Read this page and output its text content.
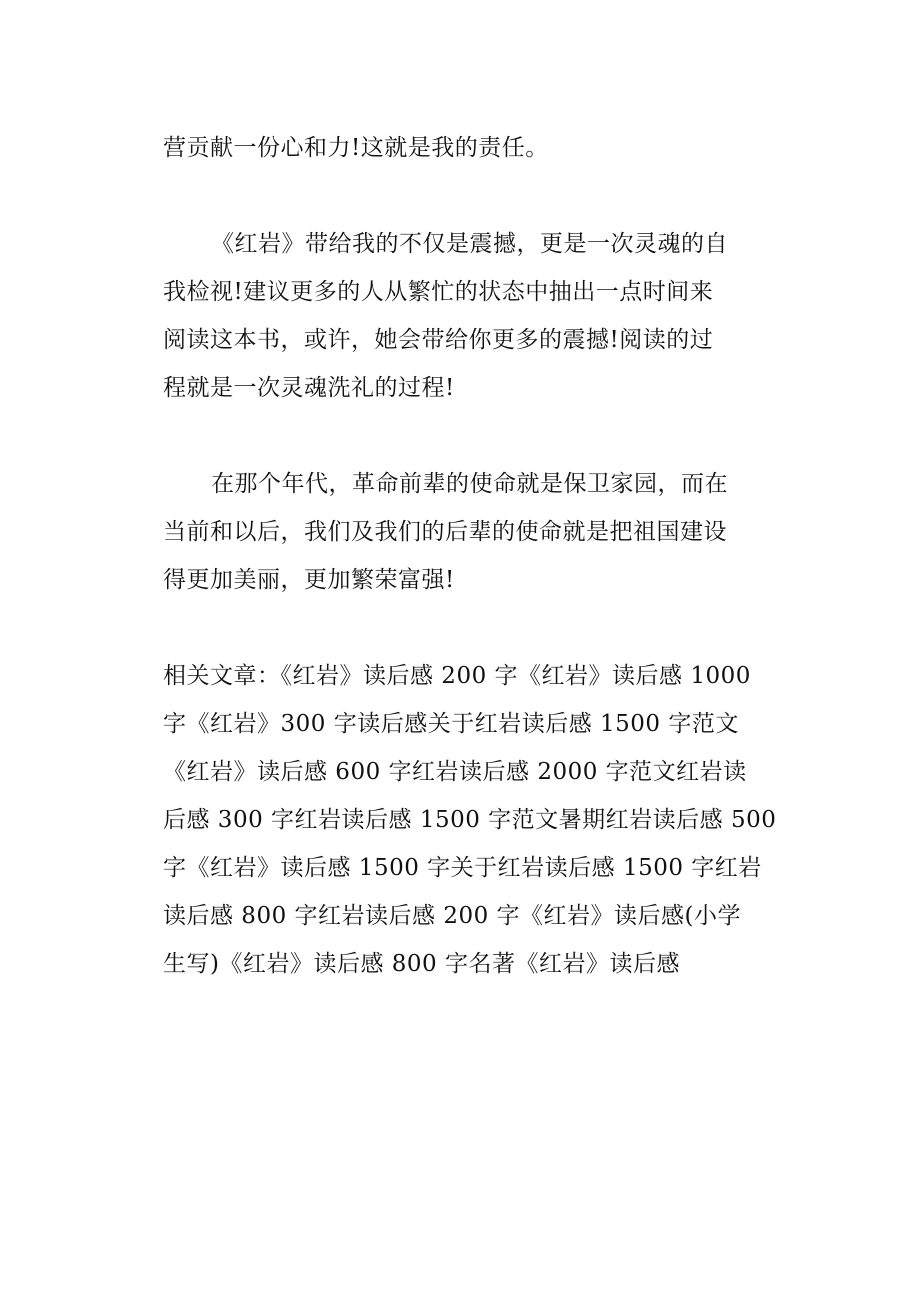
营贡献一份心和力!这就是我的责任。
《红岩》带给我的不仅是震撼，更是一次灵魂的自
我检视!建议更多的人从繁忙的状态中抽出一点时间来
阅读这本书，或许，她会带给你更多的震撼!阅读的过
程就是一次灵魂洗礼的过程!
在那个年代，革命前辈的使命就是保卫家园，而在
当前和以后，我们及我们的后辈的使命就是把祖国建设
得更加美丽，更加繁荣富强!
相关文章：《红岩》读后感 200 字《红岩》读后感 1000
字《红岩》300 字读后感关于红岩读后感 1500 字范文
《红岩》读后感 600 字红岩读后感 2000 字范文红岩读
后感 300 字红岩读后感 1500 字范文暑期红岩读后感 500
字《红岩》读后感 1500 字关于红岩读后感 1500 字红岩
读后感 800 字红岩读后感 200 字《红岩》读后感(小学
生写)《红岩》读后感 800 字名著《红岩》读后感
